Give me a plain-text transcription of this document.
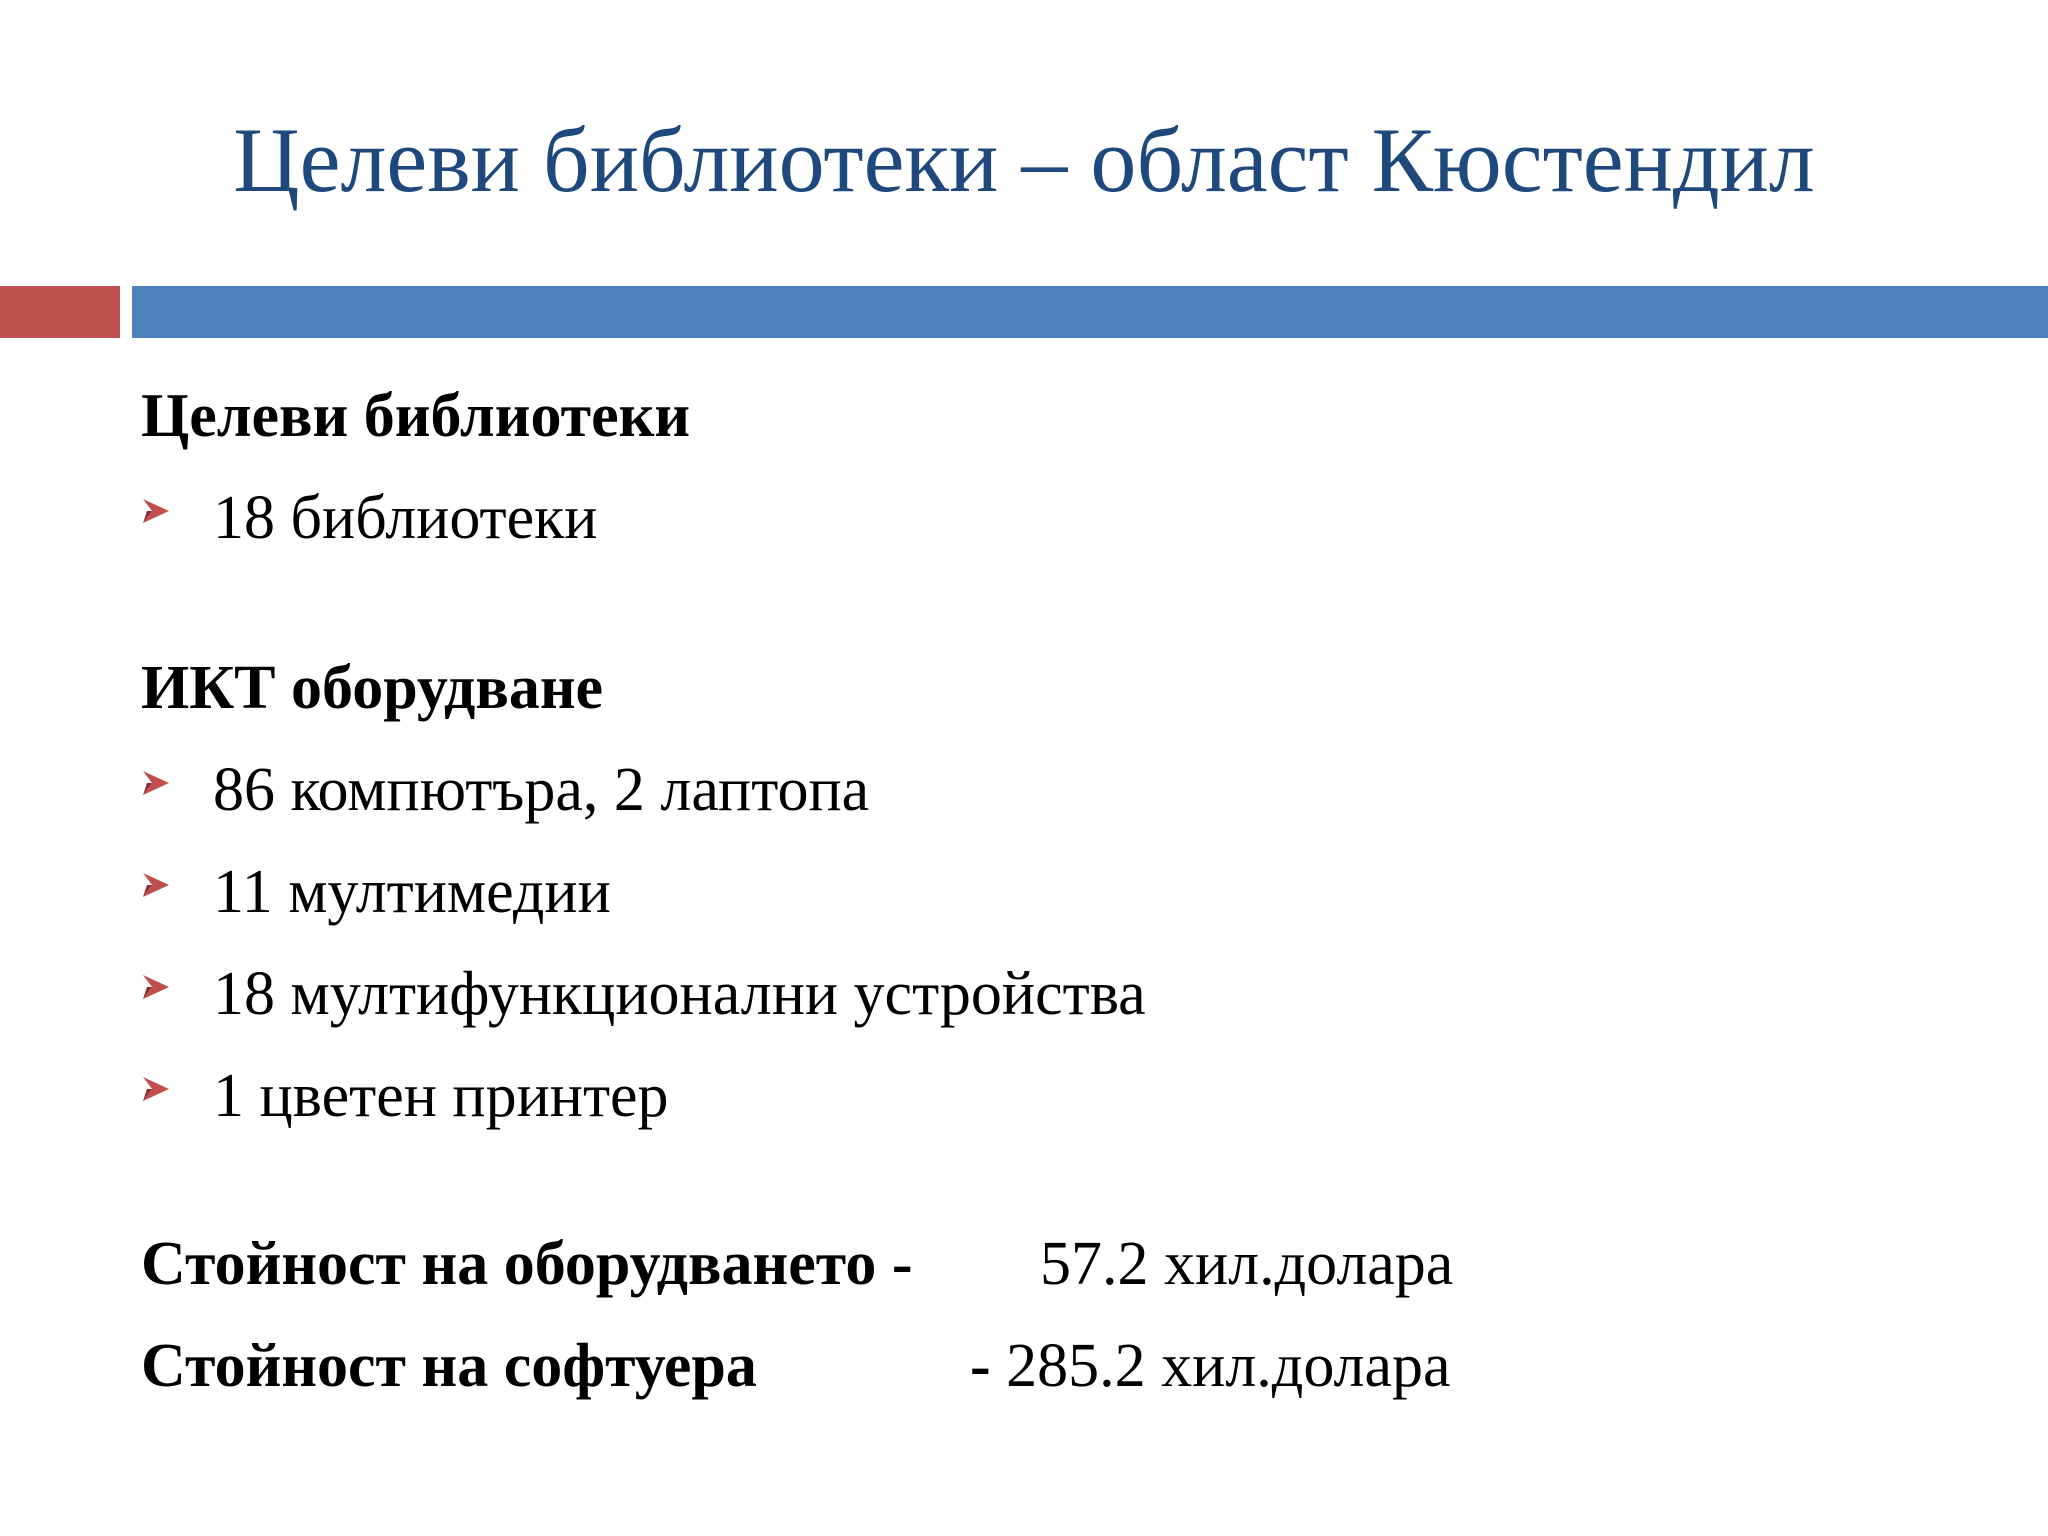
Целеви библиотеки – област Кюстендил
Целеви библиотеки
18 библиотеки
ИКТ оборудване
86 компютъра, 2 лаптопа
11 мултимедии
18 мултифункционални устройства
1 цветен принтер
Стойност на оборудването - 57.2 хил.долара
Стойност на софтуера	- 285.2 хил.долара
